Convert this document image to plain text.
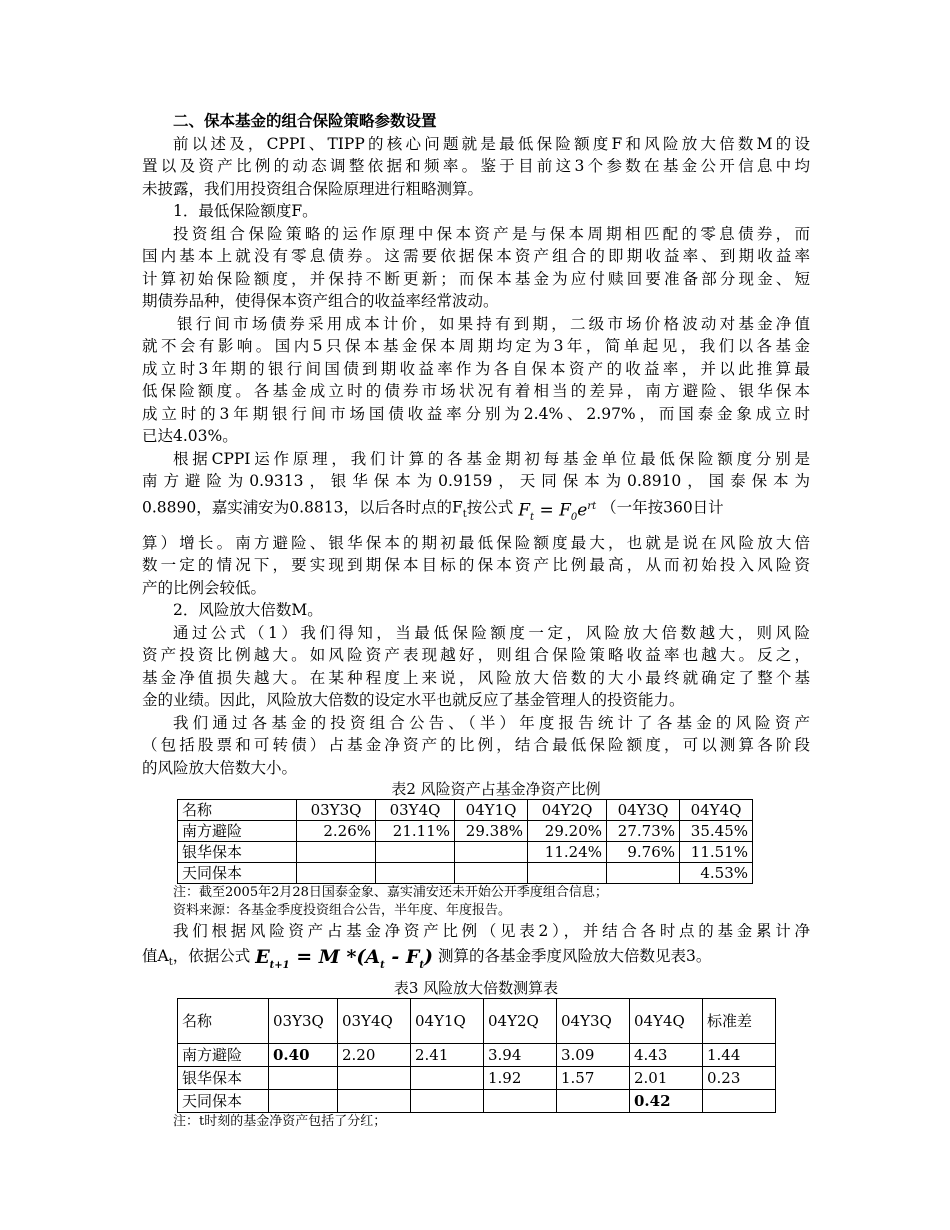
二、保本基金的组合保险策略参数设置
前以述及，CPPI、TIPP的核心问题就是最低保险额度F和风险放大倍数M的设
置以及资产比例的动态调整依据和频率。鉴于目前这3个参数在基金公开信息中均
未披露，我们用投资组合保险原理进行粗略测算。
1．最低保险额度F。
投资组合保险策略的运作原理中保本资产是与保本周期相匹配的零息债券，而
国内基本上就没有零息债券。这需要依据保本资产组合的即期收益率、到期收益率
计算初始保险额度，并保持不断更新；而保本基金为应付赎回要准备部分现金、短
期债券品种，使得保本资产组合的收益率经常波动。
银行间市场债券采用成本计价，如果持有到期，二级市场价格波动对基金净值
就不会有影响。国内5只保本基金保本周期均定为3年，简单起见，我们以各基金
成立时3年期的银行间国债到期收益率作为各自保本资产的收益率，并以此推算最
低保险额度。各基金成立时的债券市场状况有着相当的差异，南方避险、银华保本
成立时的3年期银行间市场国债收益率分别为2.4%、2.97%，而国泰金象成立时
已达4.03%。
根据CPPI运作原理，我们计算的各基金期初每基金单位最低保险额度分别是
南方避险为0.9313，银华保本为0.9159，天同保本为0.8910，国泰保本为
0.8890，嘉实浦安为0.8813，以后各时点的$F_t$按公式 $F_t = F_0e^{rt}$ （一年按360日计
算）增长。南方避险、银华保本的期初最低保险额度最大，也就是说在风险放大倍
数一定的情况下，要实现到期保本目标的保本资产比例最高，从而初始投入风险资
产的比例会较低。
2．风险放大倍数M。
通过公式（1）我们得知，当最低保险额度一定，风险放大倍数越大，则风险
资产投资比例越大。如风险资产表现越好，则组合保险策略收益率也越大。反之，
基金净值损失越大。在某种程度上来说，风险放大倍数的大小最终就确定了整个基
金的业绩。因此，风险放大倍数的设定水平也就反应了基金管理人的投资能力。
我们通过各基金的投资组合公告、（半）年度报告统计了各基金的风险资产
（包括股票和可转债）占基金净资产的比例，结合最低保险额度，可以测算各阶段
的风险放大倍数大小。
表2 风险资产占基金净资产比例
名称	03Y3Q	03Y4Q	04Y1Q	04Y2Q	04Y3Q	04Y4Q
南方避险	2.26%	21.11%	29.38%	29.20%	27.73%	35.45%
银华保本				11.24%	9.76%	11.51%
天同保本						4.53%
注：截至2005年2月28日国泰金象、嘉实浦安还未开始公开季度组合信息；
资料来源：各基金季度投资组合公告，半年度、年度报告。
我们根据风险资产占基金净资产比例（见表2），并结合各时点的基金累计净
值$A_t$，依据公式 $E_{t+1} = M$ $*(A_t - F_t)$ 测算的各基金季度风险放大倍数见表3。
表3 风险放大倍数测算表
名称	03Y3Q	03Y4Q	04Y1Q	04Y2Q	04Y3Q	04Y4Q	标准差
南方避险	0.40	2.20	2.41	3.94	3.09	4.43	1.44
银华保本				1.92	1.57	2.01	0.23
天同保本						0.42	
注：t时刻的基金净资产包括了分红；
